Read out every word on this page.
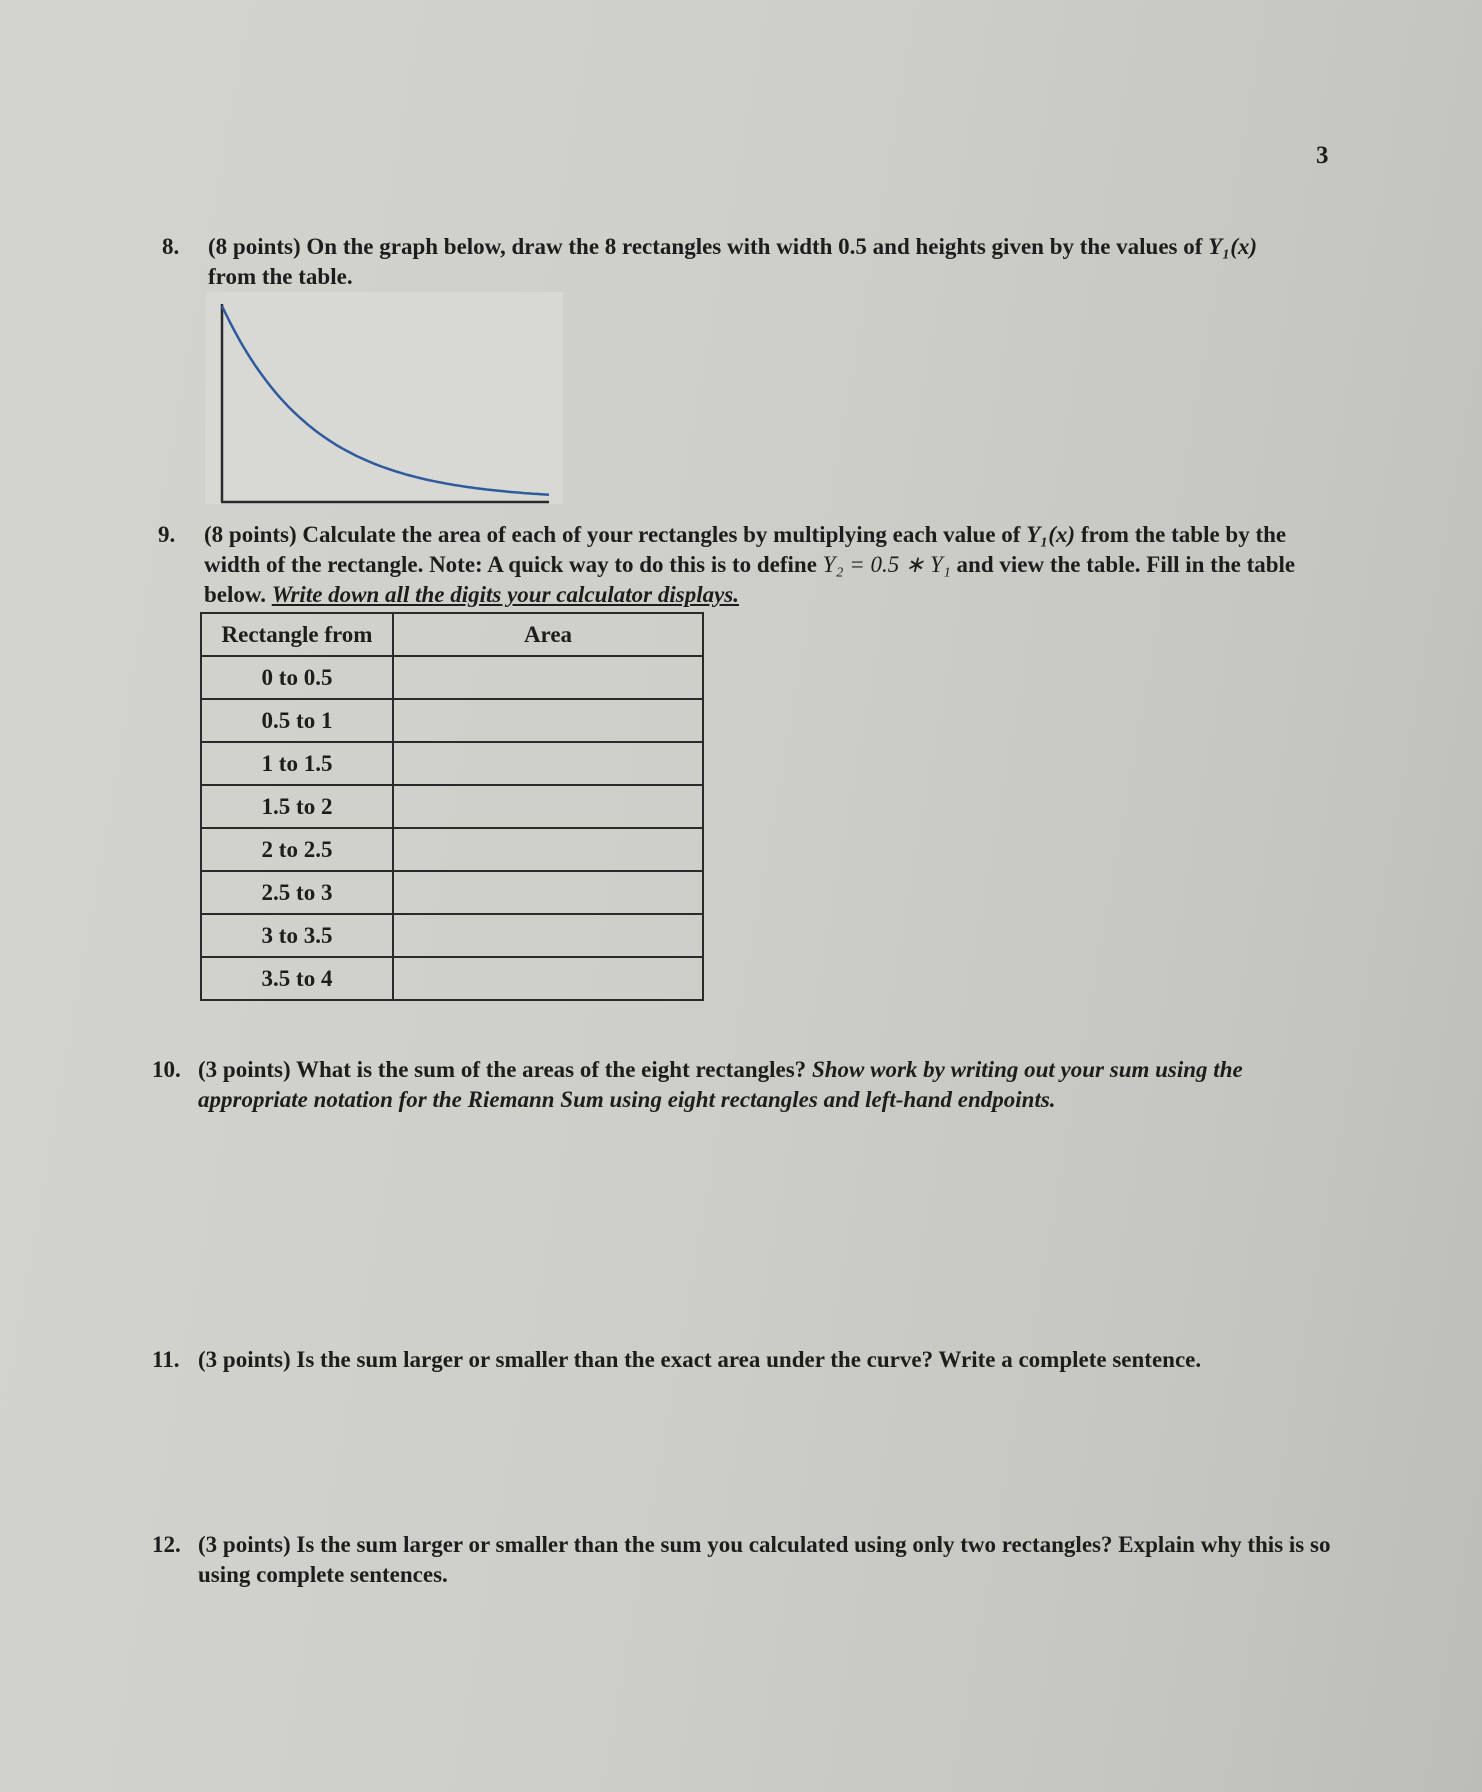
3
8. (8 points) On the graph below, draw the 8 rectangles with width 0.5 and heights given by the values of Y₁(x)

from the table.

9. (8 points) Calculate the area of each of your rectangles by multiplying each value of Y₁(x) from the table by the width of the rectangle. Note: A quick way to do this is to define Y₂ = 0.5 ∗ Y₁ and view the table. Fill in the table below. Write down all the digits your calculator displays.

Rectangle from	Area
0 to 0.5	
0.5 to 1	
1 to 1.5	
1.5 to 2	
2 to 2.5	
2.5 to 3	
3 to 3.5	
3.5 to 4	
10. (3 points) What is the sum of the areas of the eight rectangles? Show work by writing out your sum using the appropriate notation for the Riemann Sum using eight rectangles and left-hand endpoints.

11. (3 points) Is the sum larger or smaller than the exact area under the curve? Write a complete sentence.

12. (3 points) Is the sum larger or smaller than the sum you calculated using only two rectangles? Explain why this is so using complete sentences.
